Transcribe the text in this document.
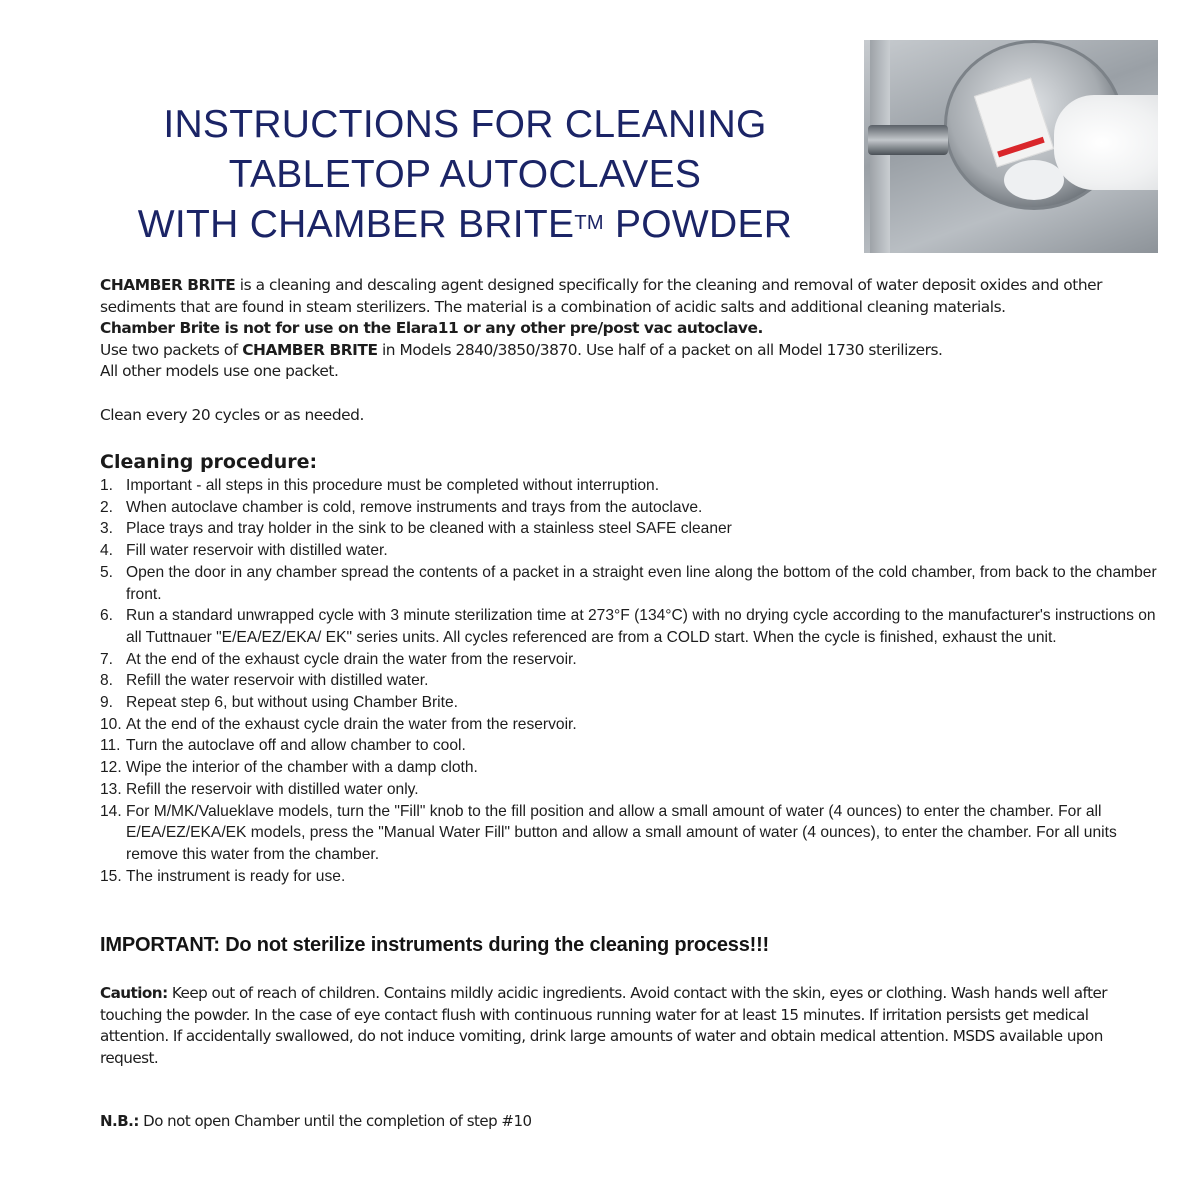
INSTRUCTIONS FOR CLEANING
TABLETOP AUTOCLAVES
WITH CHAMBER BRITE™ POWDER

CHAMBER BRITE is a cleaning and descaling agent designed specifically for the cleaning and removal of water deposit oxides and other sediments that are found in steam sterilizers. The material is a combination of acidic salts and additional cleaning materials.

Chamber Brite is not for use on the Elara11 or any other pre/post vac autoclave.

Use two packets of CHAMBER BRITE in Models 2840/3850/3870. Use half of a packet on all Model 1730 sterilizers.

All other models use one packet.

Clean every 20 cycles or as needed.

Cleaning procedure:
1. Important - all steps in this procedure must be completed without interruption.
2. When autoclave chamber is cold, remove instruments and trays from the autoclave.
3. Place trays and tray holder in the sink to be cleaned with a stainless steel SAFE cleaner
4. Fill water reservoir with distilled water.
5. Open the door in any chamber spread the contents of a packet in a straight even line along the bottom of the cold chamber, from back to the chamber front.
6. Run a standard unwrapped cycle with 3 minute sterilization time at 273°F (134°C) with no drying cycle according to the manufacturer's instructions on all Tuttnauer "E/EA/EZ/EKA/ EK" series units. All cycles referenced are from a COLD start. When the cycle is finished, exhaust the unit.
7. At the end of the exhaust cycle drain the water from the reservoir.
8. Refill the water reservoir with distilled water.
9. Repeat step 6, but without using Chamber Brite.
10. At the end of the exhaust cycle drain the water from the reservoir.
11. Turn the autoclave off and allow chamber to cool.
12. Wipe the interior of the chamber with a damp cloth.
13. Refill the reservoir with distilled water only.
14. For M/MK/Valueklave models, turn the "Fill" knob to the fill position and allow a small amount of water (4 ounces) to enter the chamber. For all E/EA/EZ/EKA/EK models, press the "Manual Water Fill" button and allow a small amount of water (4 ounces), to enter the chamber. For all units remove this water from the chamber.
15. The instrument is ready for use.
IMPORTANT: Do not sterilize instruments during the cleaning process!!!
Caution: Keep out of reach of children. Contains mildly acidic ingredients. Avoid contact with the skin, eyes or clothing. Wash hands well after touching the powder. In the case of eye contact flush with continuous running water for at least 15 minutes. If irritation persists get medical attention. If accidentally swallowed, do not induce vomiting, drink large amounts of water and obtain medical attention. MSDS available upon request.
N.B.: Do not open Chamber until the completion of step #10
